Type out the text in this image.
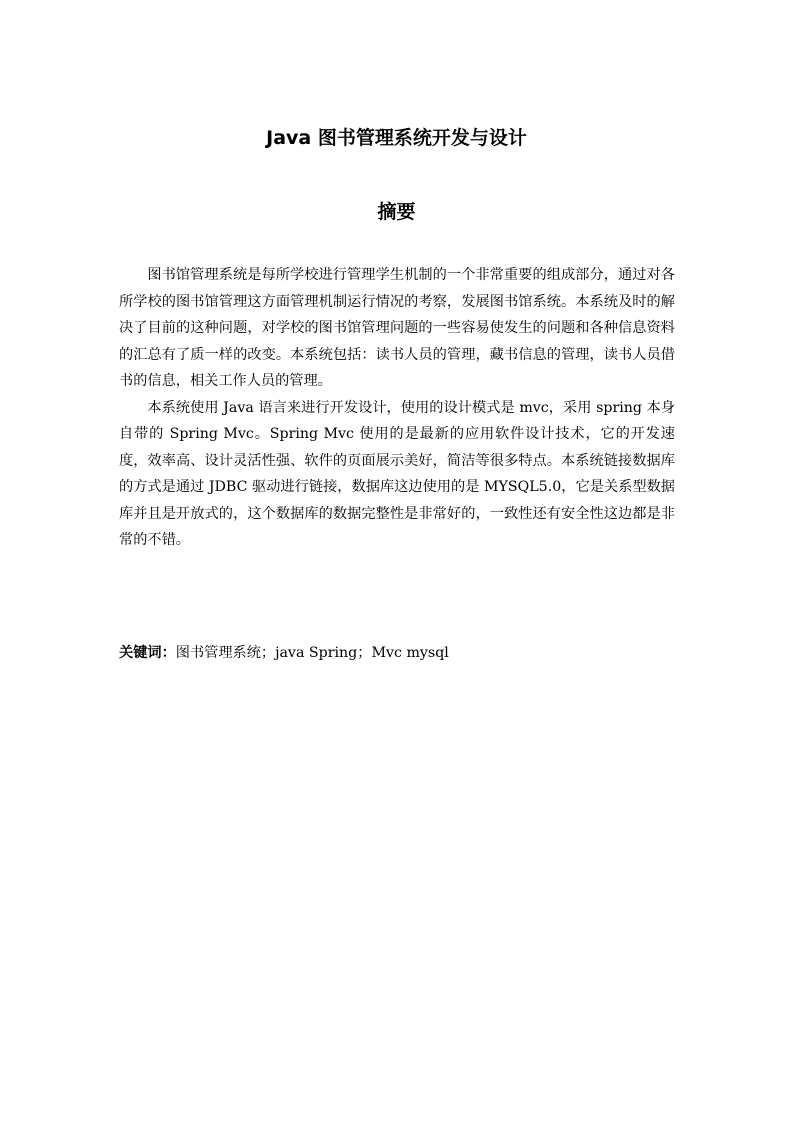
Java 图书管理系统开发与设计
摘要

图书馆管理系统是每所学校进行管理学生机制的一个非常重要的组成部分，通过对各所学校的图书馆管理这方面管理机制运行情况的考察，发展图书馆系统。本系统及时的解决了目前的这种问题，对学校的图书馆管理问题的一些容易使发生的问题和各种信息资料的汇总有了质一样的改变。本系统包括：读书人员的管理，藏书信息的管理，读书人员借书的信息，相关工作人员的管理。

本系统使用 Java 语言来进行开发设计，使用的设计模式是 mvc，采用 spring 本身自带的 Spring Mvc。Spring Mvc 使用的是最新的应用软件设计技术，它的开发速度，效率高、设计灵活性强、软件的页面展示美好，简洁等很多特点。本系统链接数据库的方式是通过 JDBC 驱动进行链接，数据库这边使用的是 MYSQL5.0，它是关系型数据库并且是开放式的，这个数据库的数据完整性是非常好的，一致性还有安全性这边都是非常的不错。

关键词：图书管理系统；java Spring；Mvc mysql
